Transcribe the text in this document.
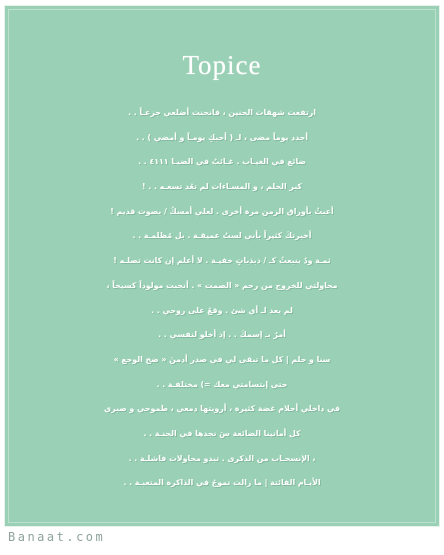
Topice
ارتفعت شهقات الحنين ، فانحنت أضلعي جزعـاً . .
أجدد يوماً مضى ، لـ ( أحبكِ يومـاً و أمضي ) . .
ضائع في الغيـاب . غـائبٌ في الضيـا ٤١١١ . .
كبر الحلم ، و المسـاءات لم تعُد تسعـه . . !
أعبثُ بأوراق الزمن مرة أخرى . لعلي أمسكُ / بصوت قديم !
أخبرتكَ كثيراً بأني لستُ عميقـة . بل مُظلمـة . .
ثمـة ودٌ ينبعثُ كـ / ذبذباتٍ خفيـة . لا أعلم إن كانت تصلـه !
محاولتي للخروج من رحم « الصمت » . أنجبت مولوداً كسيحاً ،
لم يعد لـ أي شئ . وقعٌ على روحي . .
أمرٌ بـ إسمكَ . . إذ أخلو لنفسي . .
سنا و حلم | كل ما تبقى لي في صدر أدمنَ « ضخ الوجع »
حتى إبتسامتي معك =) مختلفـة . .
في داخلي أحلام غضة كثيرة ، أرويتها دمعي ، طموحي و صبري
كل أمانينا الضائعة سَ نجدها في الجنـة . .
، الإنسحـاب من الذكرى . تبدو محاولات فاشلـة . .
الأيـام الفائتة | ما زالت تموجُ في الذاكرة المتعبـة . .
Banaat.com
